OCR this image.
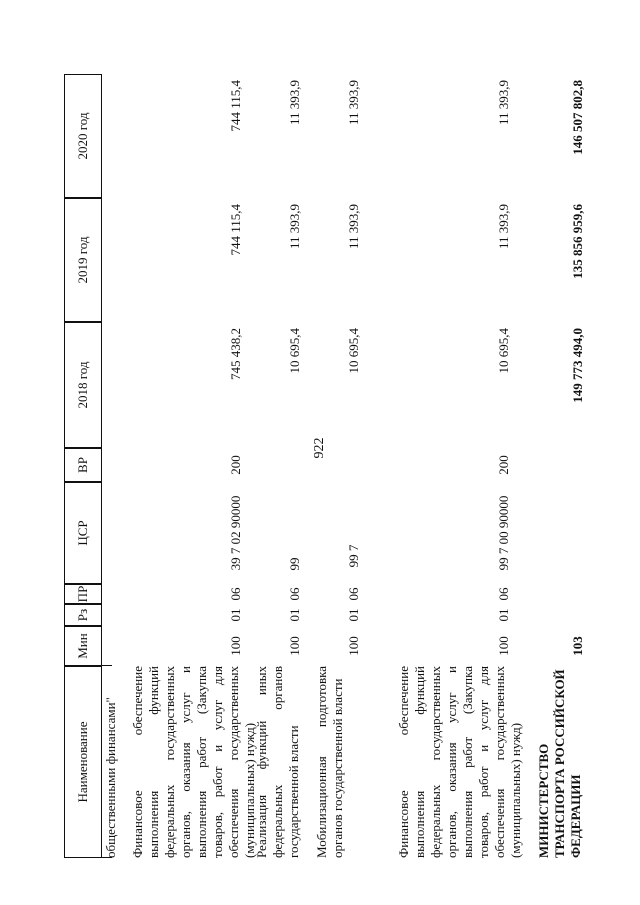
922
Наименование
Мин
Рз
ПР
ЦСР
ВР
2018 год
2019 год
2020 год
общественными финансами" Финансовое обеспечение выполнения функций федеральных государственных органов, оказания услуг и выполнения работ (Закупка товаров, работ и услуг для обеспечения государственных (муниципальных) нужд)
100
01
06
39 7 02 90000
200
745 438,2
744 115,4
744 115,4
Реализация функций иных федеральных органов государственной власти
100
01
06
99
10 695,4
11 393,9
11 393,9
Мобилизационная подготовка органов государственной власти
100
01
06
99 7
10 695,4
11 393,9
11 393,9
Финансовое обеспечение выполнения функций федеральных государственных органов, оказания услуг и выполнения работ (Закупка товаров, работ и услуг для обеспечения государственных (муниципальных) нужд)
100
01
06
99 7 00 90000
200
10 695,4
11 393,9
11 393,9
МИНИСТЕРСТВО ТРАНСПОРТА РОССИЙСКОЙ ФЕДЕРАЦИИ
103
149 773 494,0
135 856 959,6
146 507 802,8
